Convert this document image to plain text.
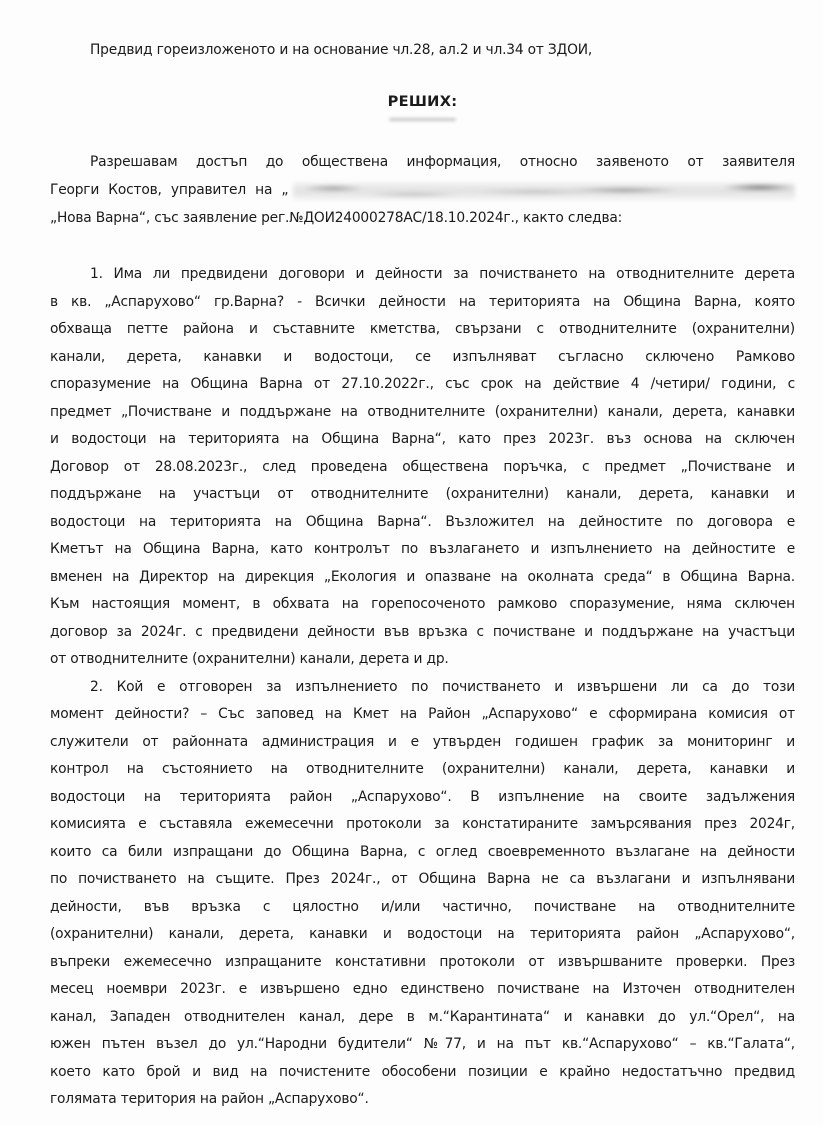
Предвид гореизложеното и на основание чл.28, ал.2 и чл.34 от ЗДОИ,
РЕШИХ:
Разрешавам достъп до обществена информация, относно заявеното от заявителя
Георги Костов, управител на „
„Нова Варна“, със заявление рег.№ДОИ24000278АС/18.10.2024г., както следва:
1. Има ли предвидени договори и дейности за почистването на отводнителните дерета
в кв. „Аспарухово“ гр.Варна? - Всички дейности на територията на Община Варна, която
обхваща петте района и съставните кметства, свързани с отводнителните (охранителни)
канали, дерета, канавки и водостоци, се изпълняват съгласно сключено Рамково
споразумение на Община Варна от 27.10.2022г., със срок на действие 4 /четири/ години, с
предмет „Почистване и поддържане на отводнителните (охранителни) канали, дерета, канавки
и водостоци на територията на Община Варна“, като през 2023г. въз основа на сключен
Договор от 28.08.2023г., след проведена обществена поръчка, с предмет „Почистване и
поддържане на участъци от отводнителните (охранителни) канали, дерета, канавки и
водостоци на територията на Община Варна“. Възложител на дейностите по договора е
Кметът на Община Варна, като контролът по възлагането и изпълнението на дейностите е
вменен на Директор на дирекция „Екология и опазване на околната среда“ в Община Варна.
Към настоящия момент, в обхвата на горепосоченото рамково споразумение, няма сключен
договор за 2024г. с предвидени дейности във връзка с почистване и поддържане на участъци
от отводнителните (охранителни) канали, дерета и др.
2. Кой е отговорен за изпълнението по почистването и извършени ли са до този
момент дейности? – Със заповед на Кмет на Район „Аспарухово“ е сформирана комисия от
служители от районната администрация и е утвърден годишен график за мониторинг и
контрол на състоянието на отводнителните (охранителни) канали, дерета, канавки и
водостоци на територията район „Аспарухово“. В изпълнение на своите задължения
комисията е съставяла ежемесечни протоколи за констатираните замърсявания през 2024г,
които са били изпращани до Община Варна, с оглед своевременното възлагане на дейности
по почистването на същите. През 2024г., от Община Варна не са възлагани и изпълнявани
дейности, във връзка с цялостно и/или частично, почистване на отводнителните
(охранителни) канали, дерета, канавки и водостоци на територията район „Аспарухово“,
въпреки ежемесечно изпращаните констативни протоколи от извършваните проверки. През
месец ноември 2023г. е извършено едно единствено почистване на Източен отводнителен
канал, Западен отводнителен канал, дере в м.“Карантината“ и канавки до ул.“Орел“, на
южен пътен възел до ул.“Народни будители“ №77, и на път кв.“Аспарухово“ – кв.“Галата“,
което като брой и вид на почистените обособени позиции е крайно недостатъчно предвид
голямата територия на район „Аспарухово“.
